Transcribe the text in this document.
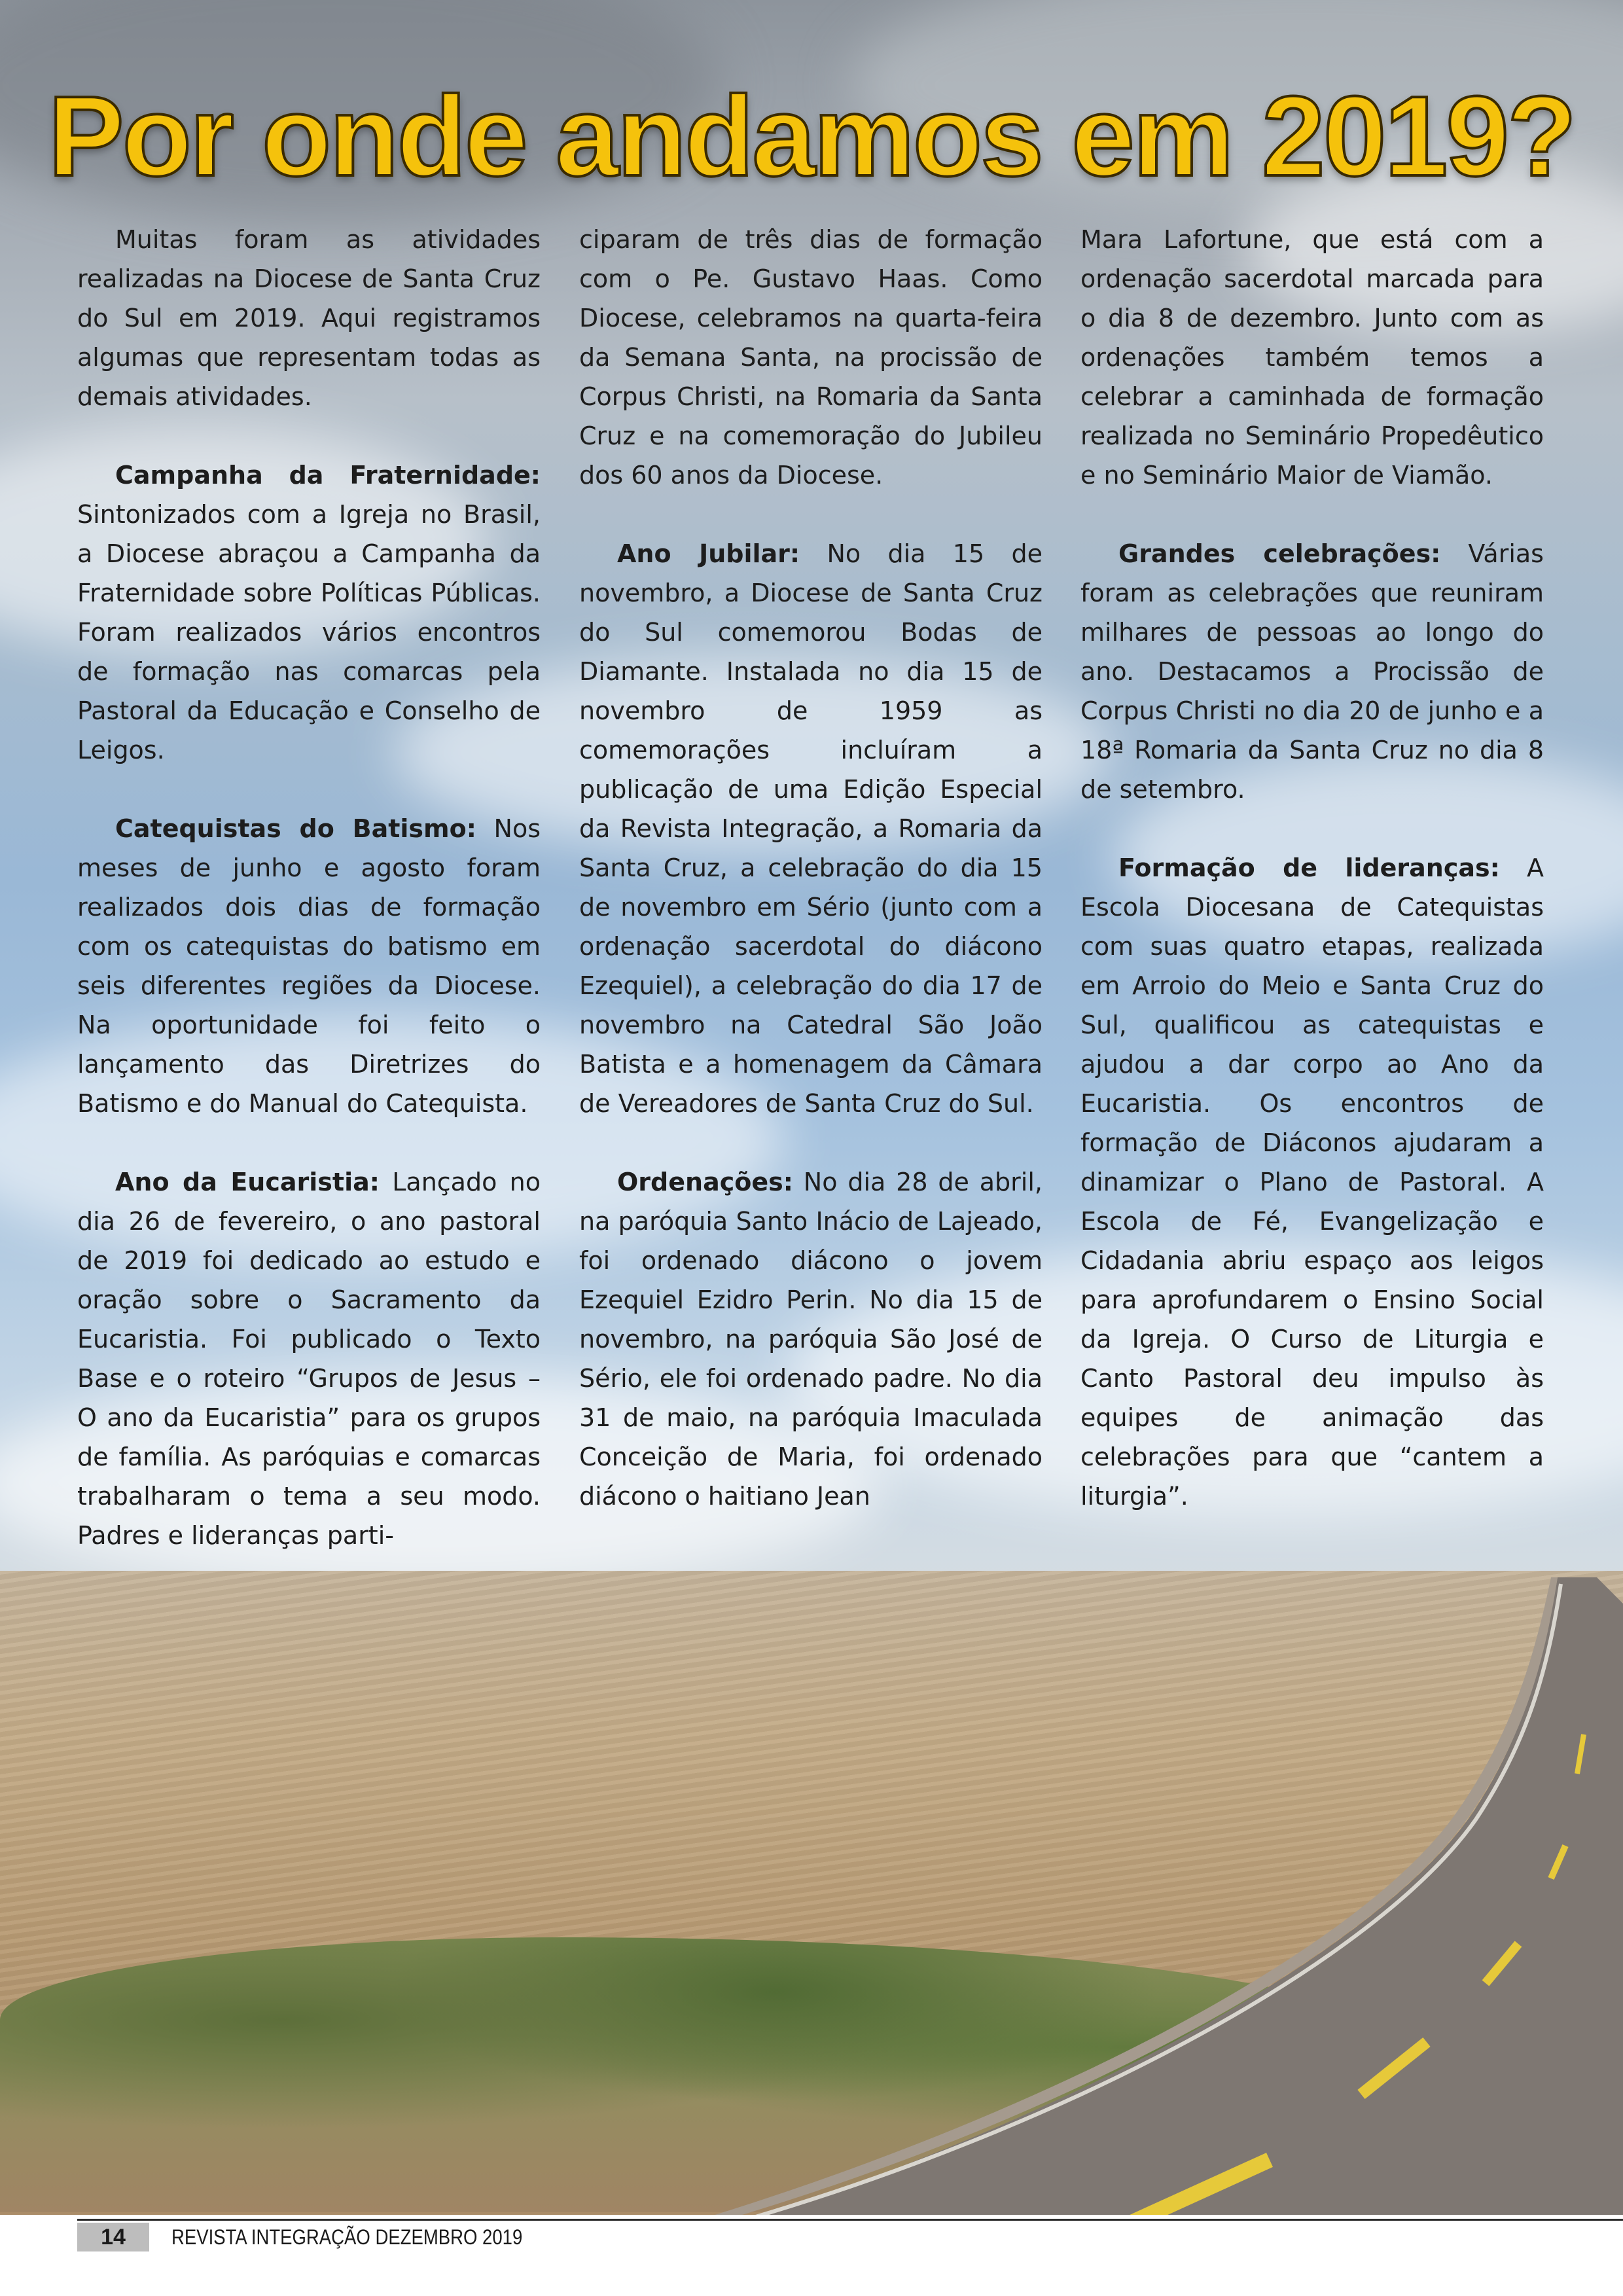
Por onde andamos em 2019?

Muitas foram as atividades realizadas na Diocese de Santa Cruz do Sul em 2019. Aqui registramos algumas que representam todas as demais atividades.

Campanha da Fraternidade: Sintonizados com a Igreja no Brasil, a Diocese abraçou a Campanha da Fraternidade sobre Políticas Públicas. Foram realizados vários encontros de formação nas comarcas pela Pastoral da Educação e Conselho de Leigos.

Catequistas do Batismo: Nos meses de junho e agosto foram realizados dois dias de formação com os catequistas do batismo em seis diferentes regiões da Diocese. Na oportunidade foi feito o lançamento das Diretrizes do Batismo e do Manual do Catequista.

Ano da Eucaristia: Lançado no dia 26 de fevereiro, o ano pastoral de 2019 foi dedicado ao estudo e oração sobre o Sacramento da Eucaristia. Foi publicado o Texto Base e o roteiro “Grupos de Jesus – O ano da Eucaristia” para os grupos de família. As paróquias e comarcas trabalharam o tema a seu modo. Padres e lideranças parti-

ciparam de três dias de formação com o Pe. Gustavo Haas. Como Diocese, celebramos na quarta-feira da Semana Santa, na procissão de Corpus Christi, na Romaria da Santa Cruz e na comemoração do Jubileu dos 60 anos da Diocese.

Ano Jubilar: No dia 15 de novembro, a Diocese de Santa Cruz do Sul comemorou Bodas de Diamante. Instalada no dia 15 de novembro de 1959 as comemorações incluíram a publicação de uma Edição Especial da Revista Integração, a Romaria da Santa Cruz, a celebração do dia 15 de novembro em Sério (junto com a ordenação sacerdotal do diácono Ezequiel), a celebração do dia 17 de novembro na Catedral São João Batista e a homenagem da Câmara de Vereadores de Santa Cruz do Sul.

Ordenações: No dia 28 de abril, na paróquia Santo Inácio de Lajeado, foi ordenado diácono o jovem Ezequiel Ezidro Perin. No dia 15 de novembro, na paróquia São José de Sério, ele foi ordenado padre. No dia 31 de maio, na paróquia Imaculada Conceição de Maria, foi ordenado diácono o haitiano Jean

Mara Lafortune, que está com a ordenação sacerdotal marcada para o dia 8 de dezembro. Junto com as ordenações também temos a celebrar a caminhada de formação realizada no Seminário Propedêutico e no Seminário Maior de Viamão.

Grandes celebrações: Várias foram as celebrações que reuniram milhares de pessoas ao longo do ano. Destacamos a Procissão de Corpus Christi no dia 20 de junho e a 18ª Romaria da Santa Cruz no dia 8 de setembro.

Formação de lideranças: A Escola Diocesana de Catequistas com suas quatro etapas, realizada em Arroio do Meio e Santa Cruz do Sul, qualificou as catequistas e ajudou a dar corpo ao Ano da Eucaristia. Os encontros de formação de Diáconos ajudaram a dinamizar o Plano de Pastoral. A Escola de Fé, Evangelização e Cidadania abriu espaço aos leigos para aprofundarem o Ensino Social da Igreja. O Curso de Liturgia e Canto Pastoral deu impulso às equipes de animação das celebrações para que “cantem a liturgia”.

14	REVISTA INTEGRAÇÃO DEZEMBRO 2019
